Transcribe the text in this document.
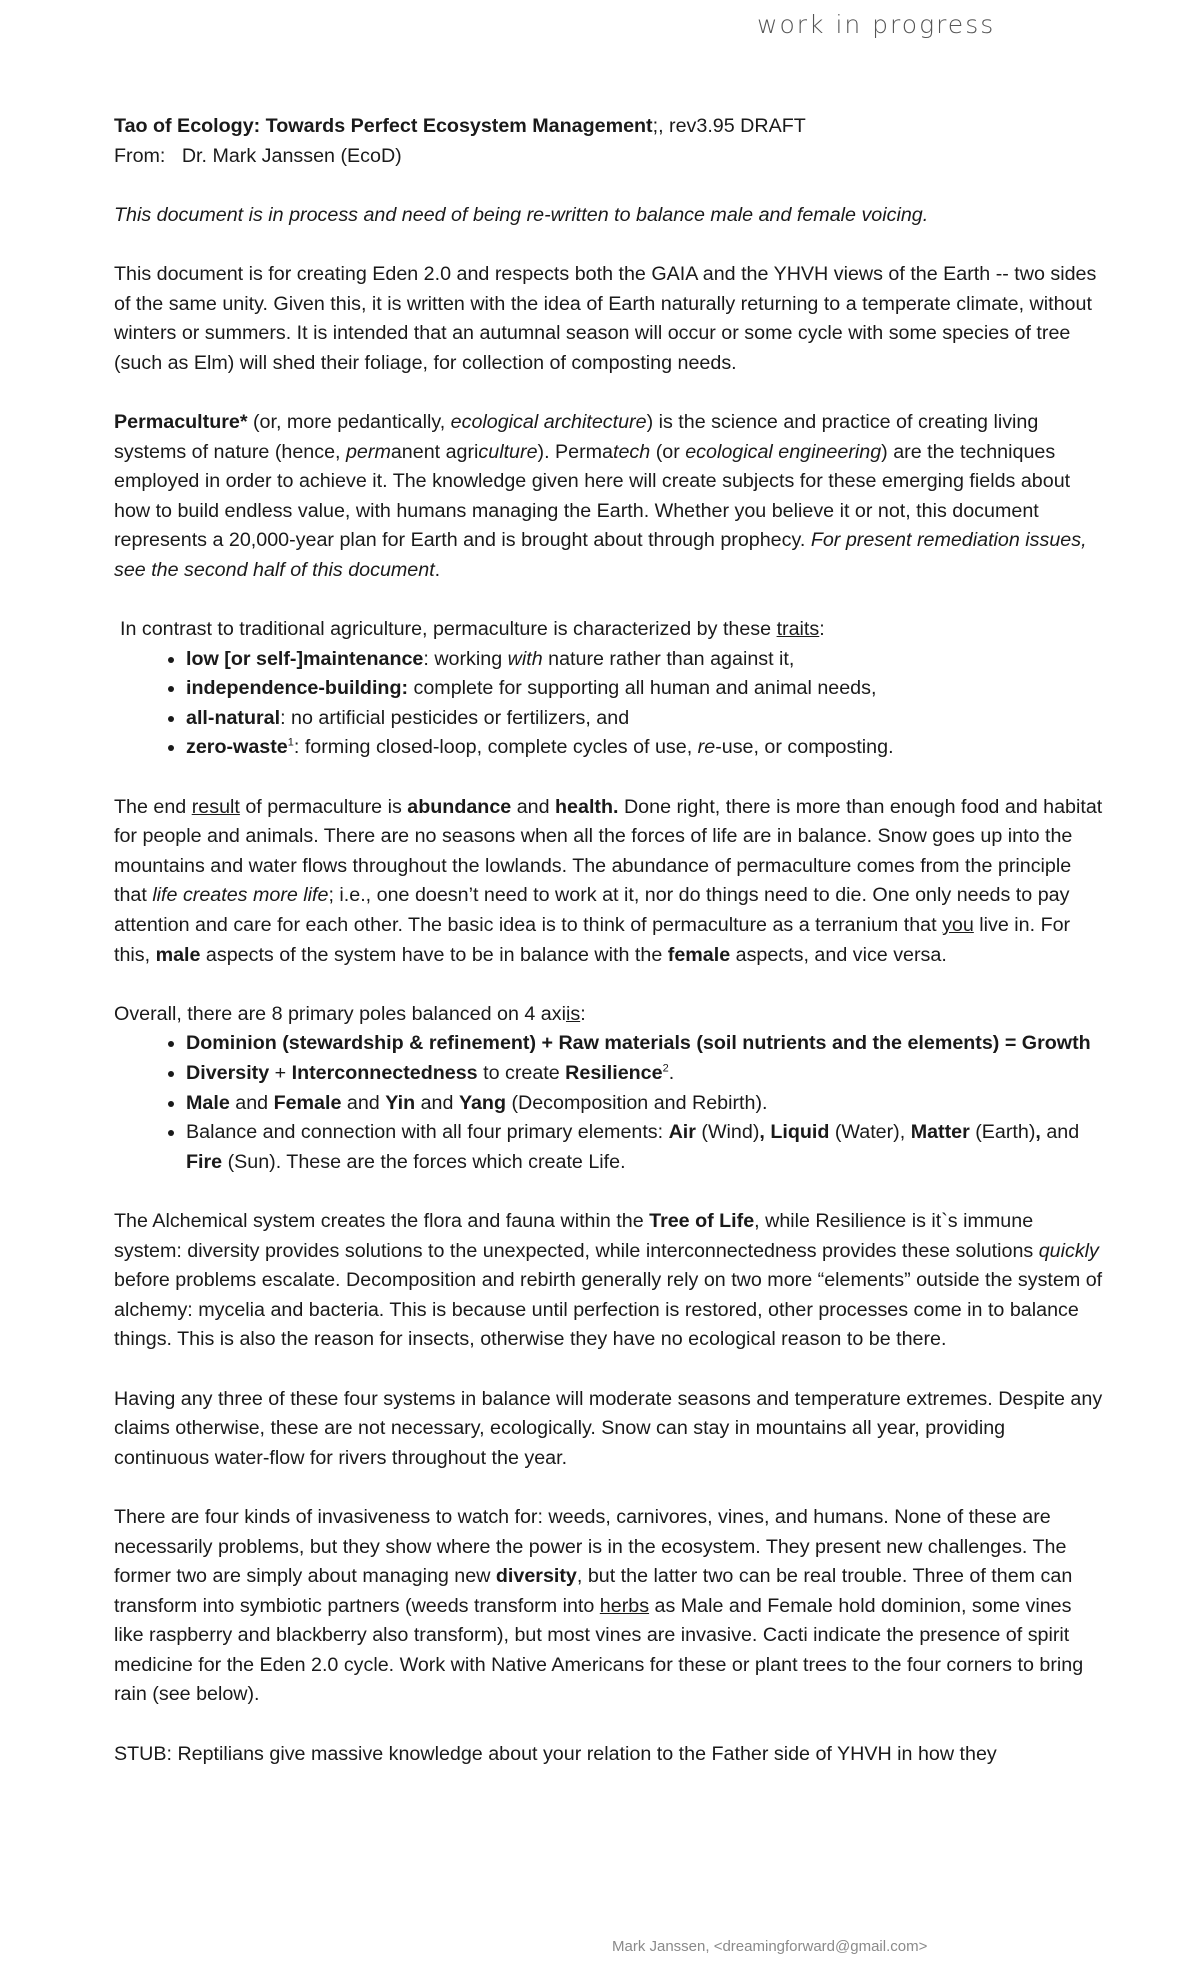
work in progress

Tao of Ecology: Towards Perfect Ecosystem Management;, rev3.95 DRAFT

From: Dr. Mark Janssen (EcoD)

This document is in process and need of being re-written to balance male and female voicing.

This document is for creating Eden 2.0 and respects both the GAIA and the YHVH views of the Earth -- two sides of the same unity. Given this, it is written with the idea of Earth naturally returning to a temperate climate, without winters or summers. It is intended that an autumnal season will occur or some cycle with some species of tree (such as Elm) will shed their foliage, for collection of composting needs.

Permaculture* (or, more pedantically, ecological architecture) is the science and practice of creating living systems of nature (hence, permanent agriculture). Permatech (or ecological engineering) are the techniques employed in order to achieve it. The knowledge given here will create subjects for these emerging fields about how to build endless value, with humans managing the Earth. Whether you believe it or not, this document represents a 20,000-year plan for Earth and is brought about through prophecy. For present remediation issues, see the second half of this document.

In contrast to traditional agriculture, permaculture is characterized by these traits:

• low [or self-]maintenance: working with nature rather than against it,
• independence-building: complete for supporting all human and animal needs,
• all-natural: no artificial pesticides or fertilizers, and
• zero-waste$^1$: forming closed-loop, complete cycles of use, re-use, or composting.

The end result of permaculture is abundance and health. Done right, there is more than enough food and habitat for people and animals. There are no seasons when all the forces of life are in balance. Snow goes up into the mountains and water flows throughout the lowlands. The abundance of permaculture comes from the principle that life creates more life; i.e., one doesn’t need to work at it, nor do things need to die. One only needs to pay attention and care for each other. The basic idea is to think of permaculture as a terranium that you live in. For this, male aspects of the system have to be in balance with the female aspects, and vice versa.

Overall, there are 8 primary poles balanced on 4 axiis:

• Dominion (stewardship & refinement) + Raw materials (soil nutrients and the elements) = Growth
• Diversity + Interconnectedness to create Resilience$^2$.
• Male and Female and Yin and Yang (Decomposition and Rebirth).
• Balance and connection with all four primary elements: Air (Wind), Liquid (Water), Matter (Earth), and Fire (Sun). These are the forces which create Life.

The Alchemical system creates the flora and fauna within the Tree of Life, while Resilience is it`s immune system: diversity provides solutions to the unexpected, while interconnectedness provides these solutions quickly before problems escalate. Decomposition and rebirth generally rely on two more “elements” outside the system of alchemy: mycelia and bacteria. This is because until perfection is restored, other processes come in to balance things. This is also the reason for insects, otherwise they have no ecological reason to be there.

Having any three of these four systems in balance will moderate seasons and temperature extremes. Despite any claims otherwise, these are not necessary, ecologically. Snow can stay in mountains all year, providing continuous water-flow for rivers throughout the year.

There are four kinds of invasiveness to watch for: weeds, carnivores, vines, and humans. None of these are necessarily problems, but they show where the power is in the ecosystem. They present new challenges. The former two are simply about managing new diversity, but the latter two can be real trouble. Three of them can transform into symbiotic partners (weeds transform into herbs as Male and Female hold dominion, some vines like raspberry and blackberry also transform), but most vines are invasive. Cacti indicate the presence of spirit medicine for the Eden 2.0 cycle. Work with Native Americans for these or plant trees to the four corners to bring rain (see below).

STUB: Reptilians give massive knowledge about your relation to the Father side of YHVH in how they

Mark Janssen, <dreamingforward@gmail.com>
